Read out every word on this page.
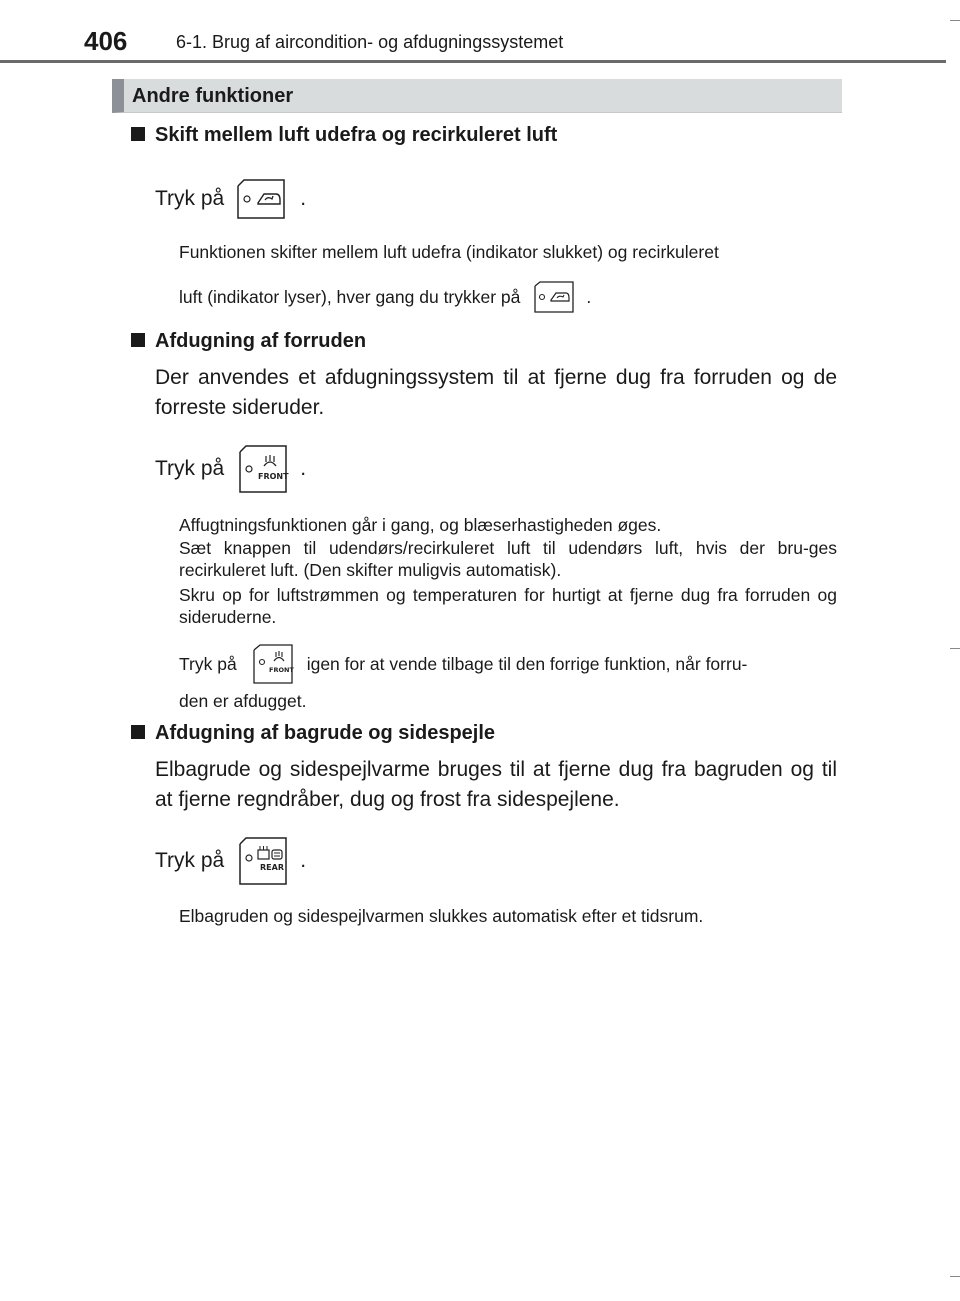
406	6-1. Brug af aircondition- og afdugningssystemet
Andre funktioner
Skift mellem luft udefra og recirkuleret luft
Tryk på	.
Funktionen skifter mellem luft udefra (indikator slukket) og recirkuleret
luft (indikator lyser), hver gang du trykker på	.
Afdugning af forruden
Der anvendes et afdugningssystem til at fjerne dug fra forruden og de forreste sideruder.
Tryk på	FRONT .
Affugtningsfunktionen går i gang, og blæserhastigheden øges.
Sæt knappen til udendørs/recirkuleret luft til udendørs luft, hvis der bru-ges recirkuleret luft. (Den skifter muligvis automatisk).
Skru op for luftstrømmen og temperaturen for hurtigt at fjerne dug fra forruden og sideruderne.
Tryk på	FRONT igen for at vende tilbage til den forrige funktion, når forru-
den er afdugget.
Afdugning af bagrude og sidespejle
Elbagrude og sidespejlvarme bruges til at fjerne dug fra bagruden og til at fjerne regndråber, dug og frost fra sidespejlene.
Tryk på	REAR .
Elbagruden og sidespejlvarmen slukkes automatisk efter et tidsrum.
